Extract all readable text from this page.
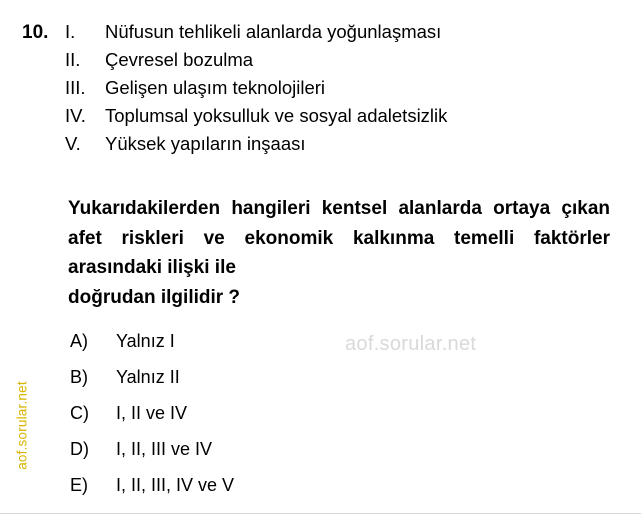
aof.sorular.net
10. I.	Nüfusun tehlikeli alanlarda yoğunlaşması
II.	Çevresel bozulma
III.	Gelişen ulaşım teknolojileri
IV.	Toplumsal yoksulluk ve sosyal adaletsizlik
V.	Yüksek yapıların inşaası
Yukarıdakilerden hangileri kentsel alanlarda ortaya çıkan afet riskleri ve ekonomik kalkınma temelli faktörler arasındaki ilişki ile
doğrudan ilgilidir ?
aof.sorular.net
A)	Yalnız I
B)	Yalnız II
C)	I, II ve IV
D)	I, II, III ve IV
E)	I, II, III, IV ve V
